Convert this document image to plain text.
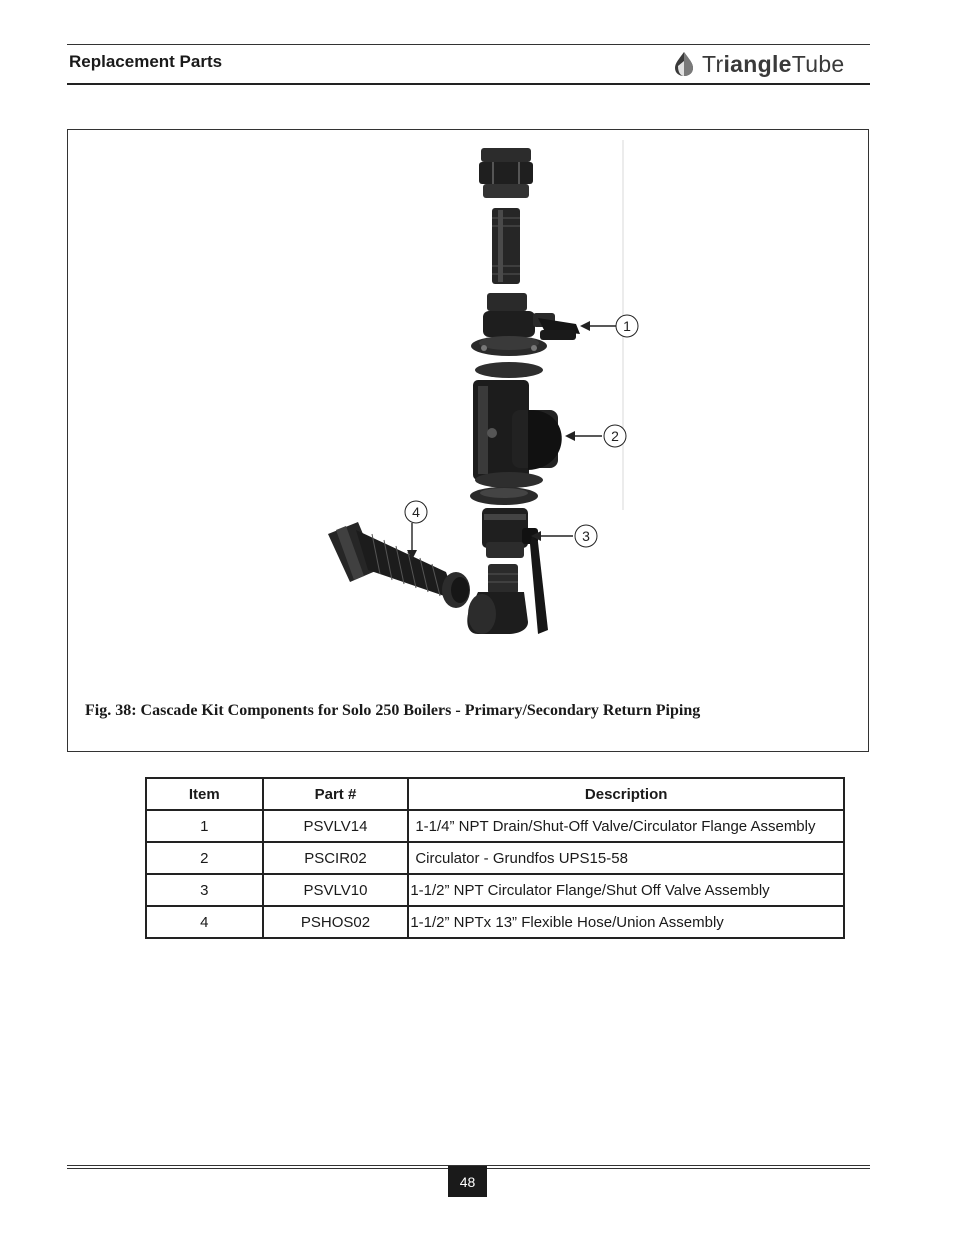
Replacement Parts	TriangleTube
1
2
3
4
Fig. 38: Cascade Kit Components for Solo 250 Boilers - Primary/Secondary Return Piping
Item	Part #	Description
1	PSVLV14	1-1/4” NPT Drain/Shut-Off Valve/Circulator Flange Assembly
2	PSCIR02	Circulator - Grundfos UPS15-58
3	PSVLV10	1-1/2” NPT Circulator Flange/Shut Off Valve Assembly
4	PSHOS02	1-1/2” NPTx 13” Flexible Hose/Union Assembly
48
